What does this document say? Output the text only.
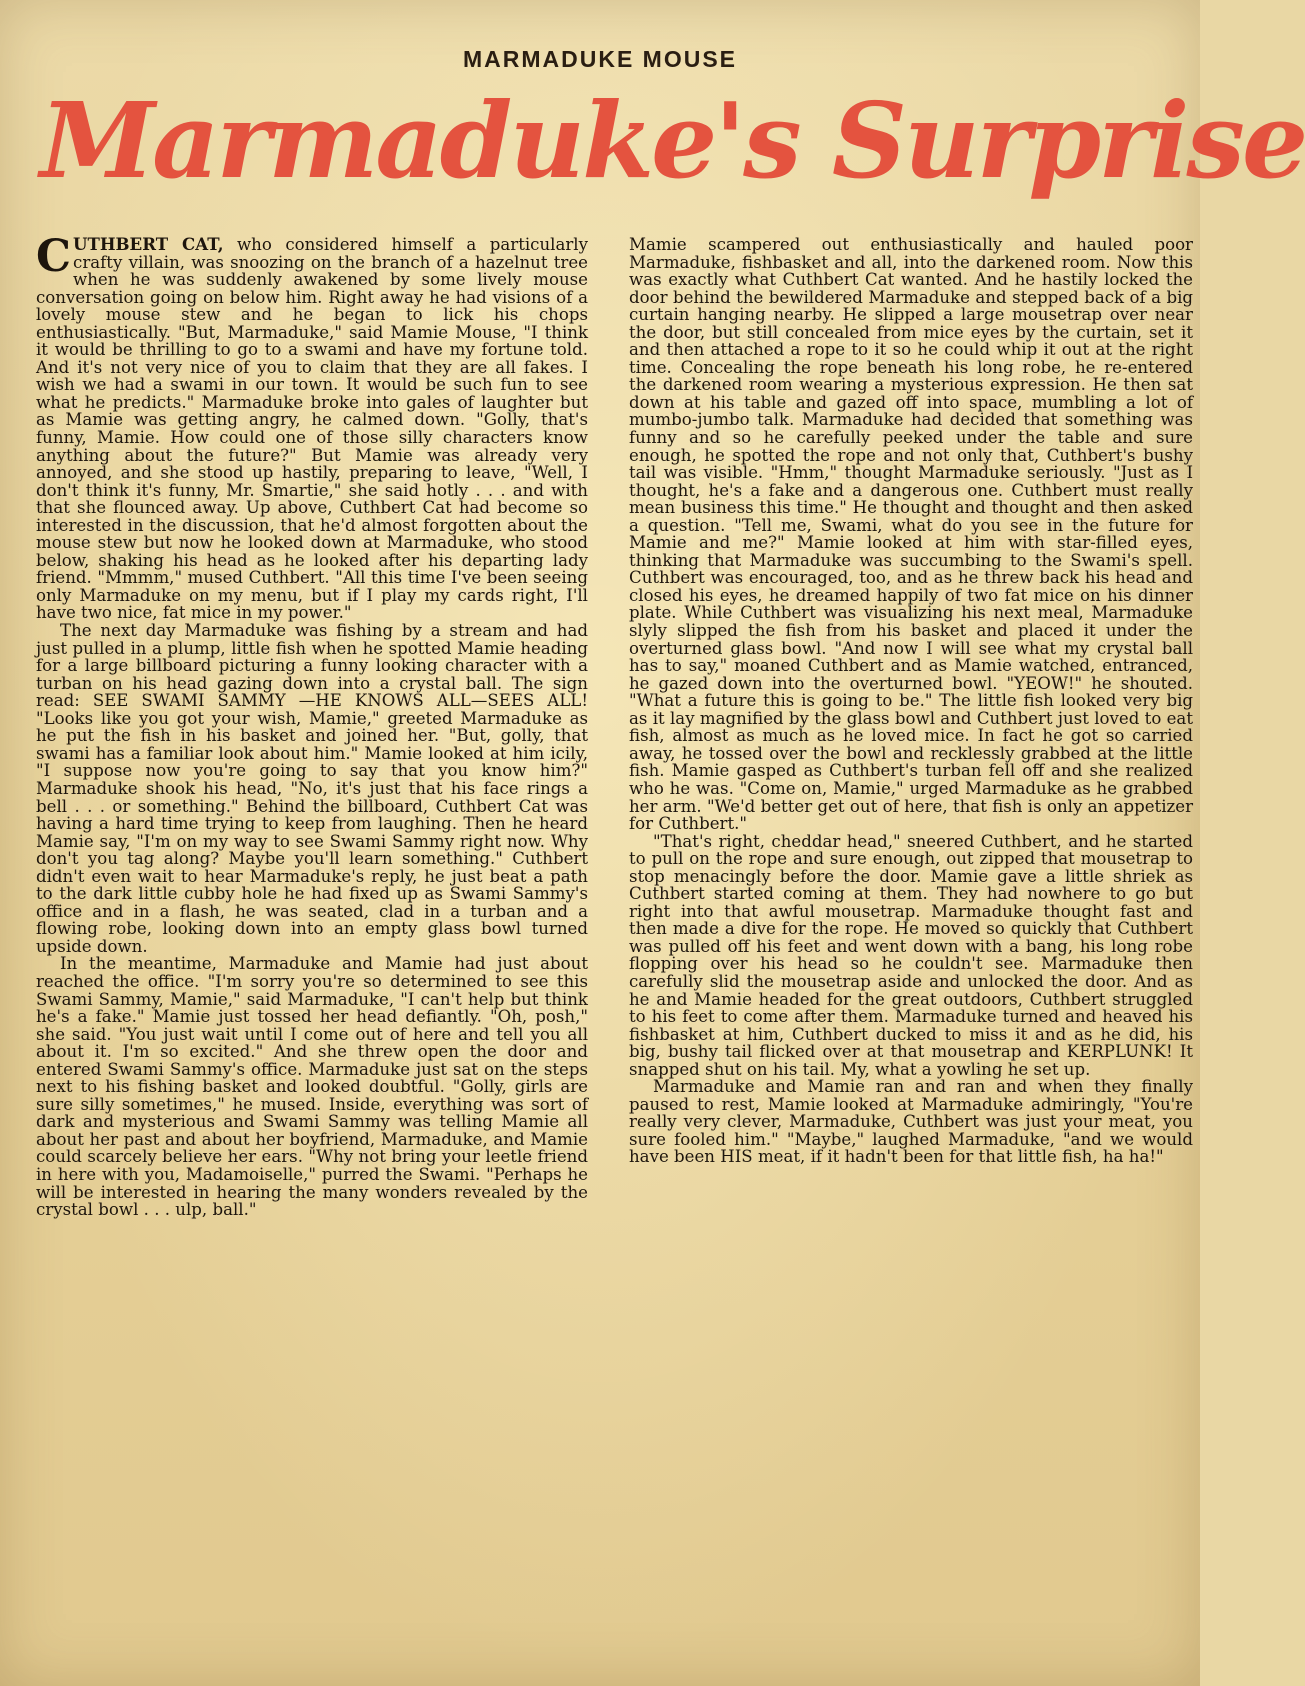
MARMADUKE MOUSE
Marmaduke's Surprise

CUTHBERT CAT, who considered himself a particularly crafty villain, was snoozing on the branch of a hazelnut tree when he was suddenly awakened by some lively mouse conversation going on below him. Right away he had visions of a lovely mouse stew and he began to lick his chops enthusiastically. "But, Marmaduke," said Mamie Mouse, "I think it would be thrilling to go to a swami and have my fortune told. And it's not very nice of you to claim that they are all fakes. I wish we had a swami in our town. It would be such fun to see what he predicts." Marmaduke broke into gales of laughter but as Mamie was getting angry, he calmed down. "Golly, that's funny, Mamie. How could one of those silly characters know anything about the future?" But Mamie was already very annoyed, and she stood up hastily, preparing to leave, "Well, I don't think it's funny, Mr. Smartie," she said hotly . . . and with that she flounced away. Up above, Cuthbert Cat had become so interested in the discussion, that he'd almost forgotten about the mouse stew but now he looked down at Marmaduke, who stood below, shaking his head as he looked after his departing lady friend. "Mmmm," mused Cuthbert. "All this time I've been seeing only Marmaduke on my menu, but if I play my cards right, I'll have two nice, fat mice in my power."

The next day Marmaduke was fishing by a stream and had just pulled in a plump, little fish when he spotted Mamie heading for a large billboard picturing a funny looking character with a turban on his head gazing down into a crystal ball. The sign read: SEE SWAMI SAMMY —HE KNOWS ALL—SEES ALL! "Looks like you got your wish, Mamie," greeted Marmaduke as he put the fish in his basket and joined her. "But, golly, that swami has a familiar look about him." Mamie looked at him icily, "I suppose now you're going to say that you know him?" Marmaduke shook his head, "No, it's just that his face rings a bell . . . or something." Behind the billboard, Cuthbert Cat was having a hard time trying to keep from laughing. Then he heard Mamie say, "I'm on my way to see Swami Sammy right now. Why don't you tag along? Maybe you'll learn something." Cuthbert didn't even wait to hear Marmaduke's reply, he just beat a path to the dark little cubby hole he had fixed up as Swami Sammy's office and in a flash, he was seated, clad in a turban and a flowing robe, looking down into an empty glass bowl turned upside down.

In the meantime, Marmaduke and Mamie had just about reached the office. "I'm sorry you're so determined to see this Swami Sammy, Mamie," said Marmaduke, "I can't help but think he's a fake." Mamie just tossed her head defiantly. "Oh, posh," she said. "You just wait until I come out of here and tell you all about it. I'm so excited." And she threw open the door and entered Swami Sammy's office. Marmaduke just sat on the steps next to his fishing basket and looked doubtful. "Golly, girls are sure silly sometimes," he mused. Inside, everything was sort of dark and mysterious and Swami Sammy was telling Mamie all about her past and about her boyfriend, Marmaduke, and Mamie could scarcely believe her ears. "Why not bring your leetle friend in here with you, Madamoiselle," purred the Swami. "Perhaps he will be interested in hearing the many wonders revealed by the crystal bowl . . . ulp, ball."

Mamie scampered out enthusiastically and hauled poor Marmaduke, fishbasket and all, into the darkened room. Now this was exactly what Cuthbert Cat wanted. And he hastily locked the door behind the bewildered Marmaduke and stepped back of a big curtain hanging nearby. He slipped a large mousetrap over near the door, but still concealed from mice eyes by the curtain, set it and then attached a rope to it so he could whip it out at the right time. Concealing the rope beneath his long robe, he re-entered the darkened room wearing a mysterious expression. He then sat down at his table and gazed off into space, mumbling a lot of mumbo-jumbo talk. Marmaduke had decided that something was funny and so he carefully peeked under the table and sure enough, he spotted the rope and not only that, Cuthbert's bushy tail was visible. "Hmm," thought Marmaduke seriously. "Just as I thought, he's a fake and a dangerous one. Cuthbert must really mean business this time." He thought and thought and then asked a question. "Tell me, Swami, what do you see in the future for Mamie and me?" Mamie looked at him with star-filled eyes, thinking that Marmaduke was succumbing to the Swami's spell. Cuthbert was encouraged, too, and as he threw back his head and closed his eyes, he dreamed happily of two fat mice on his dinner plate. While Cuthbert was visualizing his next meal, Marmaduke slyly slipped the fish from his basket and placed it under the overturned glass bowl. "And now I will see what my crystal ball has to say," moaned Cuthbert and as Mamie watched, entranced, he gazed down into the overturned bowl. "YEOW!" he shouted. "What a future this is going to be." The little fish looked very big as it lay magnified by the glass bowl and Cuthbert just loved to eat fish, almost as much as he loved mice. In fact he got so carried away, he tossed over the bowl and recklessly grabbed at the little fish. Mamie gasped as Cuthbert's turban fell off and she realized who he was. "Come on, Mamie," urged Marmaduke as he grabbed her arm. "We'd better get out of here, that fish is only an appetizer for Cuthbert."

"That's right, cheddar head," sneered Cuthbert, and he started to pull on the rope and sure enough, out zipped that mousetrap to stop menacingly before the door. Mamie gave a little shriek as Cuthbert started coming at them. They had nowhere to go but right into that awful mousetrap. Marmaduke thought fast and then made a dive for the rope. He moved so quickly that Cuthbert was pulled off his feet and went down with a bang, his long robe flopping over his head so he couldn't see. Marmaduke then carefully slid the mousetrap aside and unlocked the door. And as he and Mamie headed for the great outdoors, Cuthbert struggled to his feet to come after them. Marmaduke turned and heaved his fishbasket at him, Cuthbert ducked to miss it and as he did, his big, bushy tail flicked over at that mousetrap and KERPLUNK! It snapped shut on his tail. My, what a yowling he set up.

Marmaduke and Mamie ran and ran and when they finally paused to rest, Mamie looked at Marmaduke admiringly, "You're really very clever, Marmaduke, Cuthbert was just your meat, you sure fooled him." "Maybe," laughed Marmaduke, "and we would have been HIS meat, if it hadn't been for that little fish, ha ha!"
